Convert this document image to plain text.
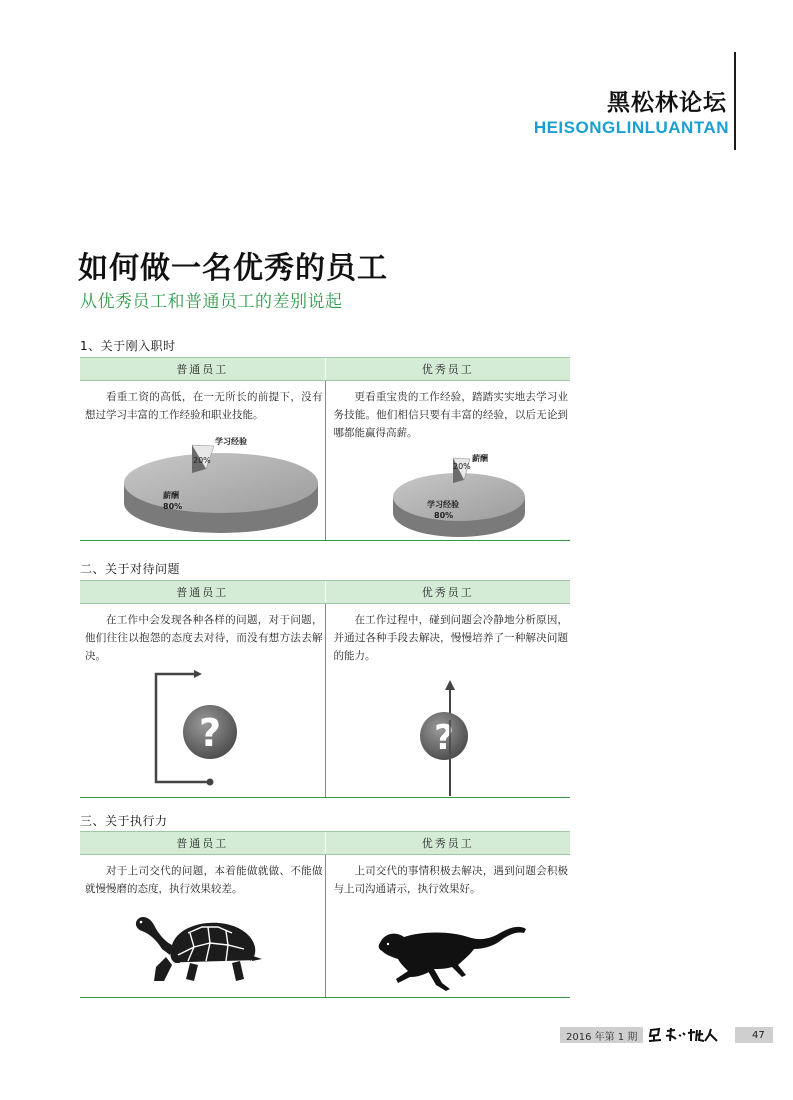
黑松林论坛
HEISONGLINLUANTAN
如何做一名优秀的员工
从优秀员工和普通员工的差别说起
1、关于刚入职时
普通员工	优秀员工

看重工资的高低，在一无所长的前提下，没有想过学习丰富的工作经验和职业技能。

20%
学习经验
薪酬
80%

更看重宝贵的工作经验，踏踏实实地去学习业务技能。他们相信只要有丰富的经验，以后无论到哪都能赢得高薪。

20%
薪酬
学习经验
80%
二、关于对待问题
普通员工	优秀员工

在工作中会发现各种各样的问题，对于问题，他们往往以抱怨的态度去对待，而没有想方法去解决。

?

在工作过程中，碰到问题会冷静地分析原因，并通过各种手段去解决，慢慢培养了一种解决问题的能力。

?
三、关于执行力
普通员工	优秀员工

对于上司交代的问题，本着能做就做、不能做就慢慢磨的态度，执行效果较差。

上司交代的事情积极去解决，遇到问题会积极与上司沟通请示，执行效果好。

2016 年第 1 期	47
